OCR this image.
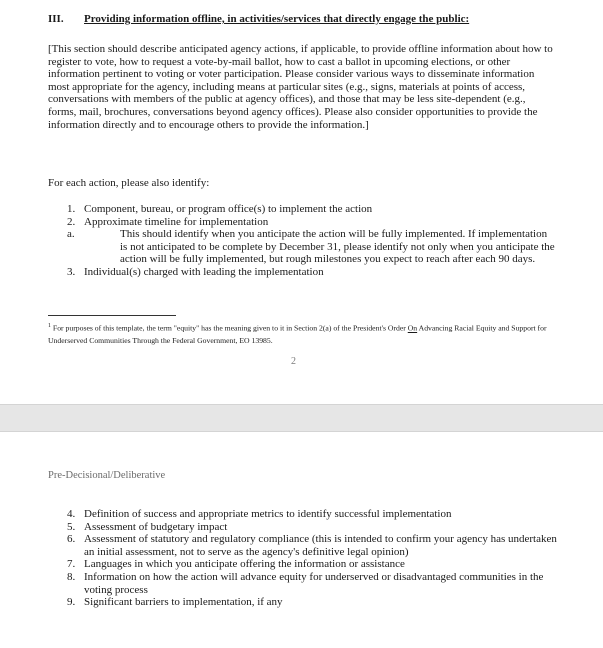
III. Providing information offline, in activities/services that directly engage the public:
[This section should describe anticipated agency actions, if applicable, to provide offline information about how to register to vote, how to request a vote-by-mail ballot, how to cast a ballot in upcoming elections, or other information pertinent to voting or voter participation. Please consider various ways to disseminate information most appropriate for the agency, including means at particular sites (e.g., signs, materials at points of access, conversations with members of the public at agency offices), and those that may be less site-dependent (e.g., forms, mail, brochures, conversations beyond agency offices). Please also consider opportunities to provide the information directly and to encourage others to provide the information.]
For each action, please also identify:
1. Component, bureau, or program office(s) to implement the action
2. Approximate timeline for implementation
a.	This should identify when you anticipate the action will be fully implemented. If implementation is not anticipated to be complete by December 31, please identify not only when you anticipate the action will be fully implemented, but rough milestones you expect to reach after each 90 days.
3. Individual(s) charged with leading the implementation
$^1$ For purposes of this template, the term "equity" has the meaning given to it in Section 2(a) of the President's Order On Advancing Racial Equity and Support for Underserved Communities Through the Federal Government, EO 13985.
2
Pre-Decisional/Deliberative
4. Definition of success and appropriate metrics to identify successful implementation
5. Assessment of budgetary impact
6. Assessment of statutory and regulatory compliance (this is intended to confirm your agency has undertaken an initial assessment, not to serve as the agency's definitive legal opinion)
7. Languages in which you anticipate offering the information or assistance
8. Information on how the action will advance equity for underserved or disadvantaged communities in the voting process
9. Significant barriers to implementation, if any
